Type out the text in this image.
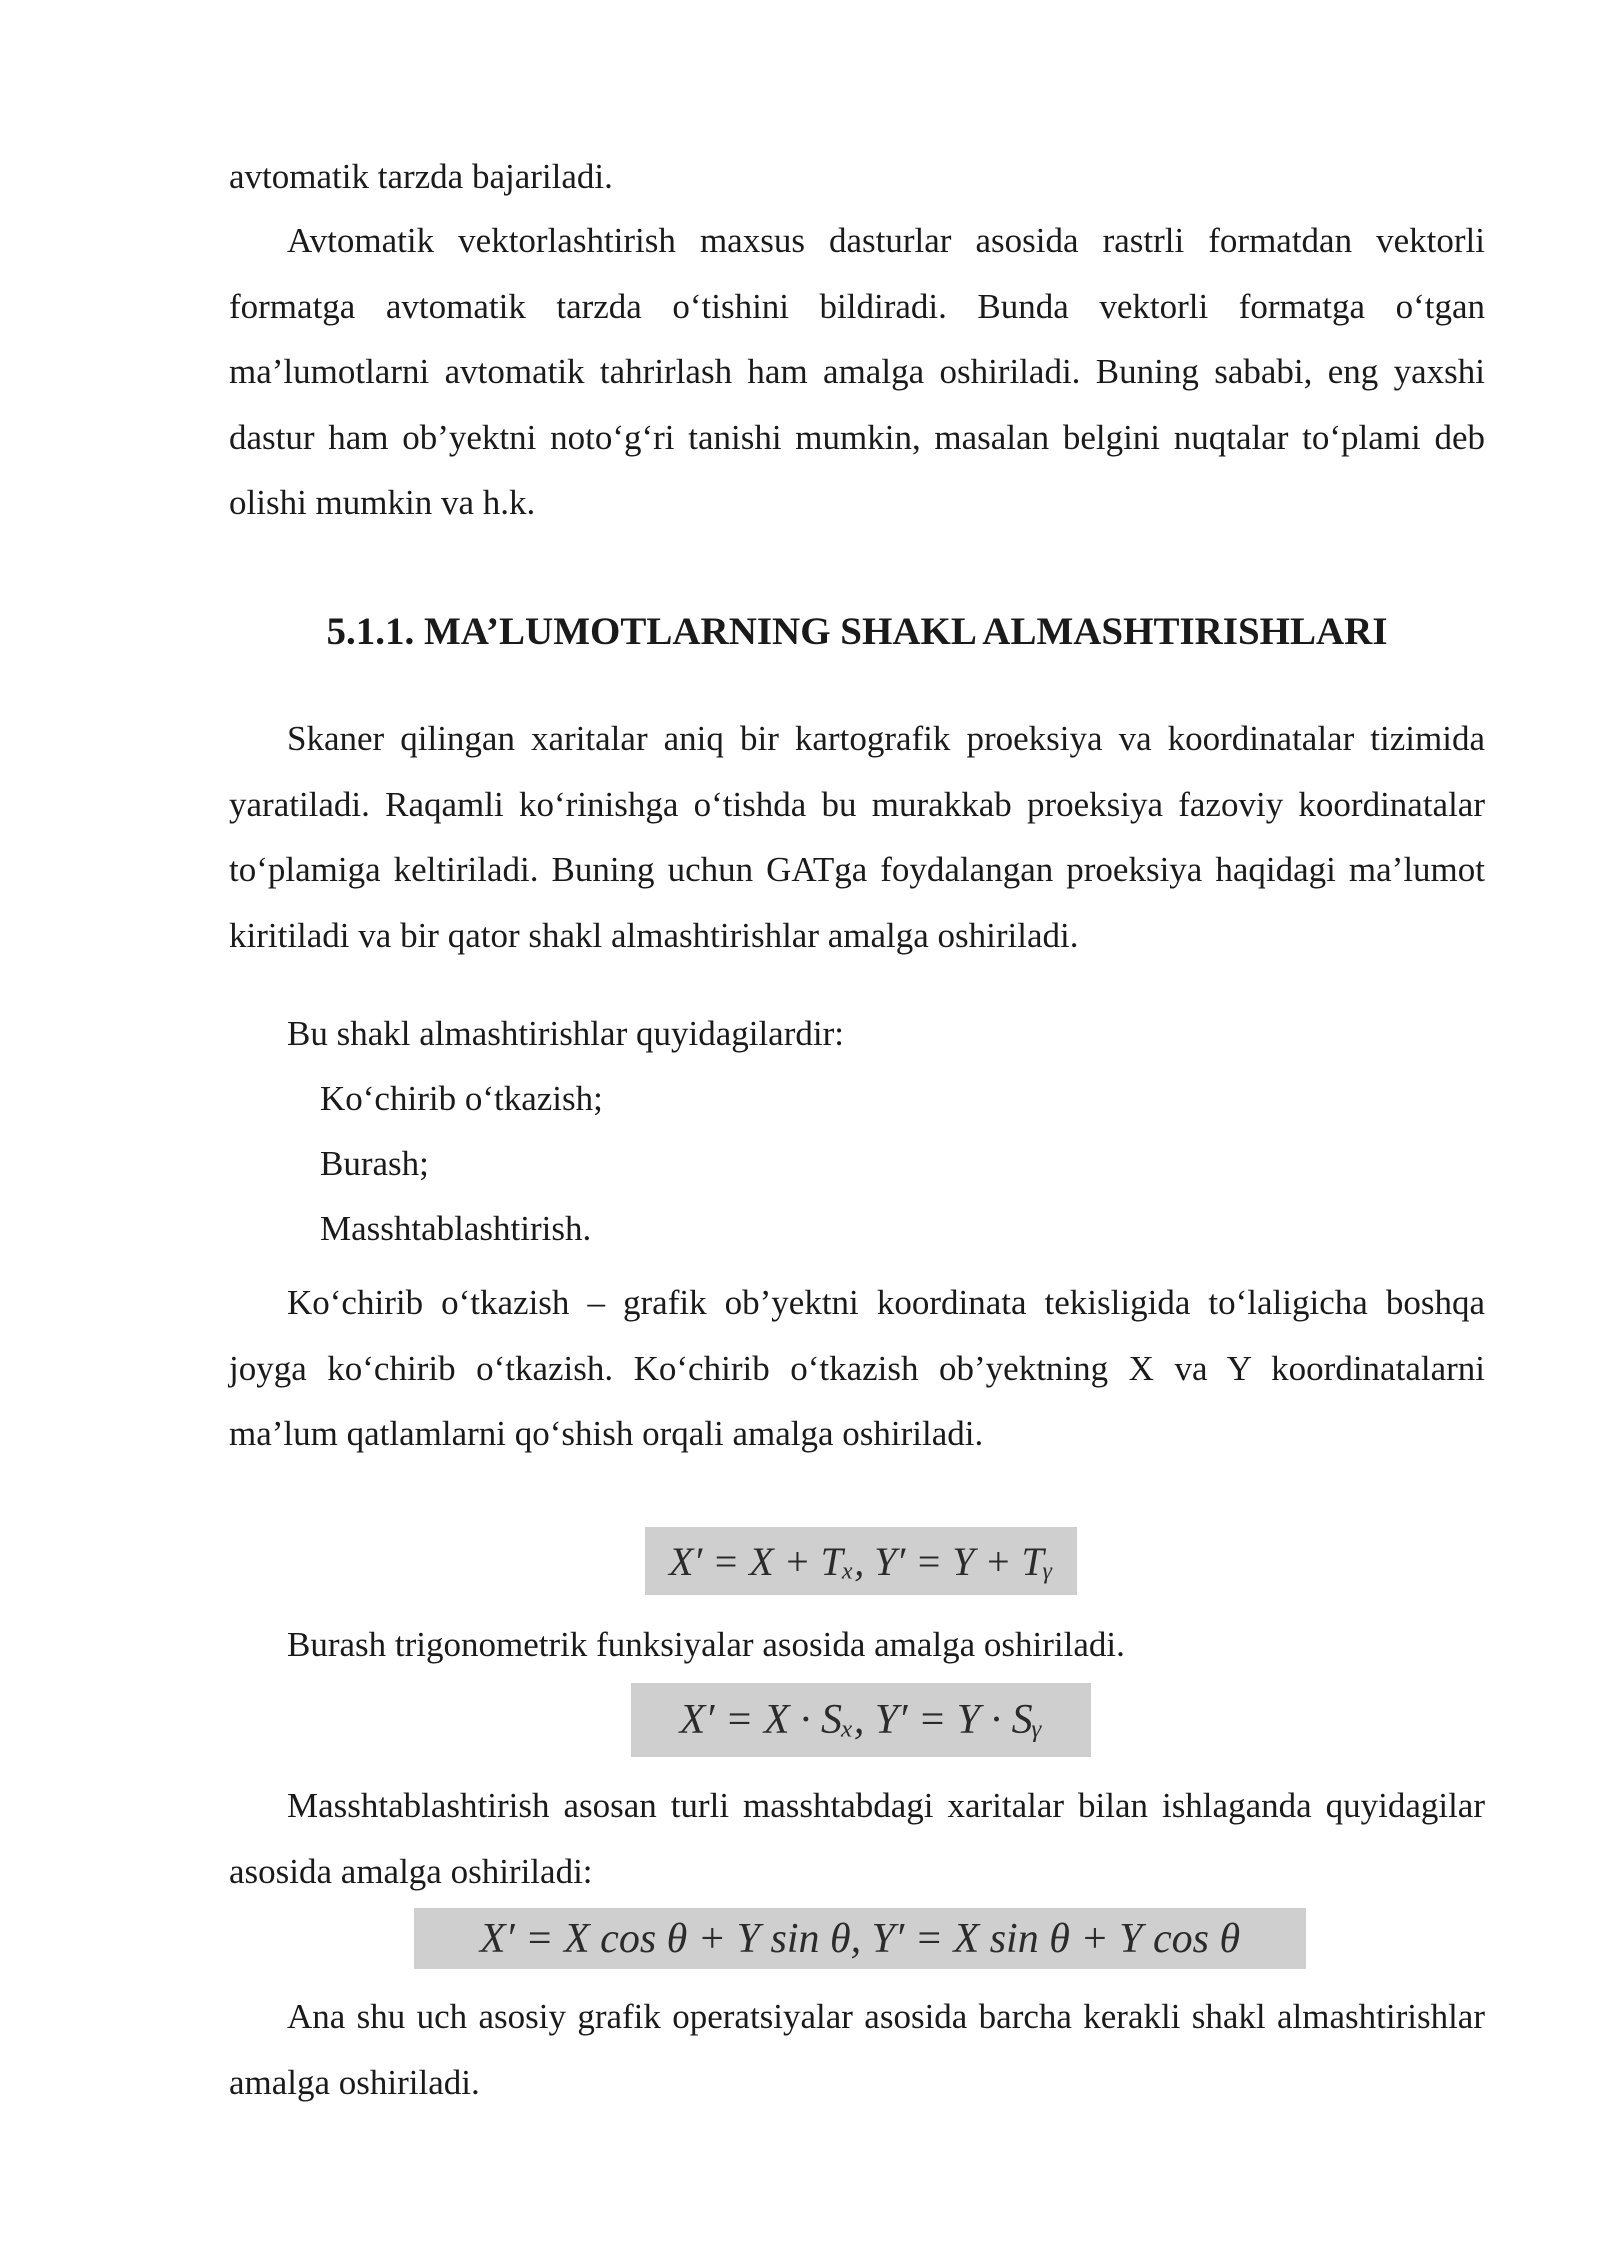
avtomatik tarzda bajariladi.

Avtomatik vektorlashtirish maxsus dasturlar asosida rastrli formatdan vektorli formatga avtomatik tarzda o‘tishini bildiradi. Bunda vektorli formatga o‘tgan ma’lumotlarni avtomatik tahrirlash ham amalga oshiriladi. Buning sababi, eng yaxshi dastur ham ob’yektni noto‘g‘ri tanishi mumkin, masalan belgini nuqtalar to‘plami deb olishi mumkin va h.k.

5.1.1. MA’LUMOTLARNING SHAKL ALMASHTIRISHLARI

Skaner qilingan xaritalar aniq bir kartografik proeksiya va koordinatalar tizimida yaratiladi. Raqamli ko‘rinishga o‘tishda bu murakkab proeksiya fazoviy koordinatalar to‘plamiga keltiriladi. Buning uchun GATga foydalangan proeksiya haqidagi ma’lumot kiritiladi va bir qator shakl almashtirishlar amalga oshiriladi.

Bu shakl almashtirishlar quyidagilardir:

Ko‘chirib o‘tkazish;
Burash;
Masshtablashtirish.

Ko‘chirib o‘tkazish – grafik ob’yektni koordinata tekisligida to‘laligicha boshqa joyga ko‘chirib o‘tkazish. Ko‘chirib o‘tkazish ob’yektning X va Y koordinatalarni ma’lum qatlamlarni qo‘shish orqali amalga oshiriladi.

X′ = X + Tₓ, Y′ = Y + Tᵧ

Burash trigonometrik funksiyalar asosida amalga oshiriladi.

X′ = X · Sₓ, Y′ = Y · Sᵧ

Masshtablashtirish asosan turli masshtabdagi xaritalar bilan ishlaganda quyidagilar asosida amalga oshiriladi:

X′ = X cos θ + Y sin θ, Y′ = X sin θ + Y cos θ

Ana shu uch asosiy grafik operatsiyalar asosida barcha kerakli shakl almashtirishlar amalga oshiriladi.
